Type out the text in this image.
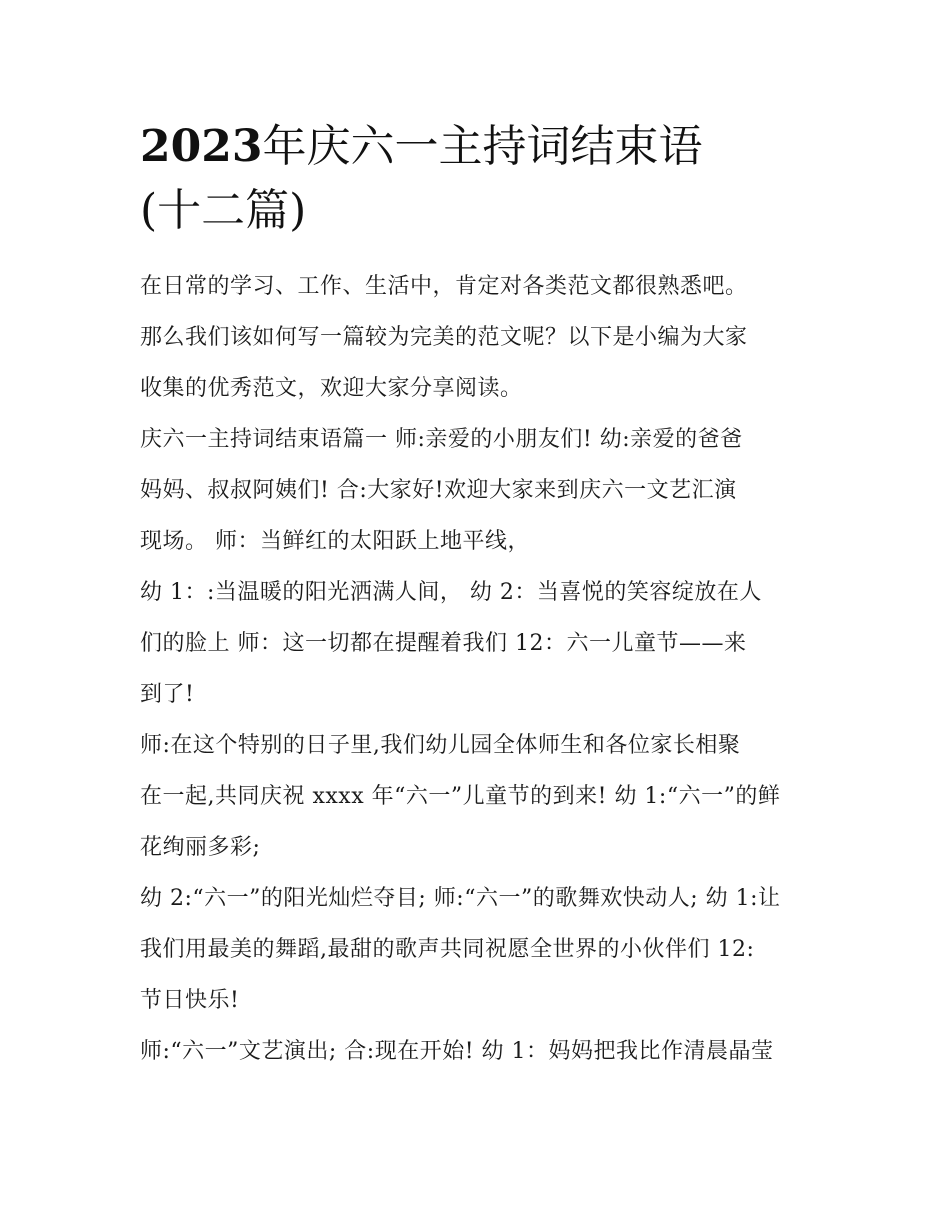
2023年庆六一主持词结束语
(十二篇)
在日常的学习、工作、生活中，肯定对各类范文都很熟悉吧。
那么我们该如何写一篇较为完美的范文呢？以下是小编为大家
收集的优秀范文，欢迎大家分享阅读。
庆六一主持词结束语篇一 师:亲爱的小朋友们! 幼:亲爱的爸爸
妈妈、叔叔阿姨们! 合:大家好!欢迎大家来到庆六一文艺汇演
现场。 师：当鲜红的太阳跃上地平线，
幼 1：:当温暖的阳光洒满人间， 幼 2：当喜悦的笑容绽放在人
们的脸上 师：这一切都在提醒着我们 12：六一儿童节——来
到了!
师:在这个特别的日子里,我们幼儿园全体师生和各位家长相聚
在一起,共同庆祝 xxxx 年“六一”儿童节的到来! 幼 1:“六一”的鲜
花绚丽多彩;
幼 2:“六一”的阳光灿烂夺目; 师:“六一”的歌舞欢快动人; 幼 1:让
我们用最美的舞蹈,最甜的歌声共同祝愿全世界的小伙伴们 12:
节日快乐!
师:“六一”文艺演出; 合:现在开始! 幼 1：妈妈把我比作清晨晶莹
